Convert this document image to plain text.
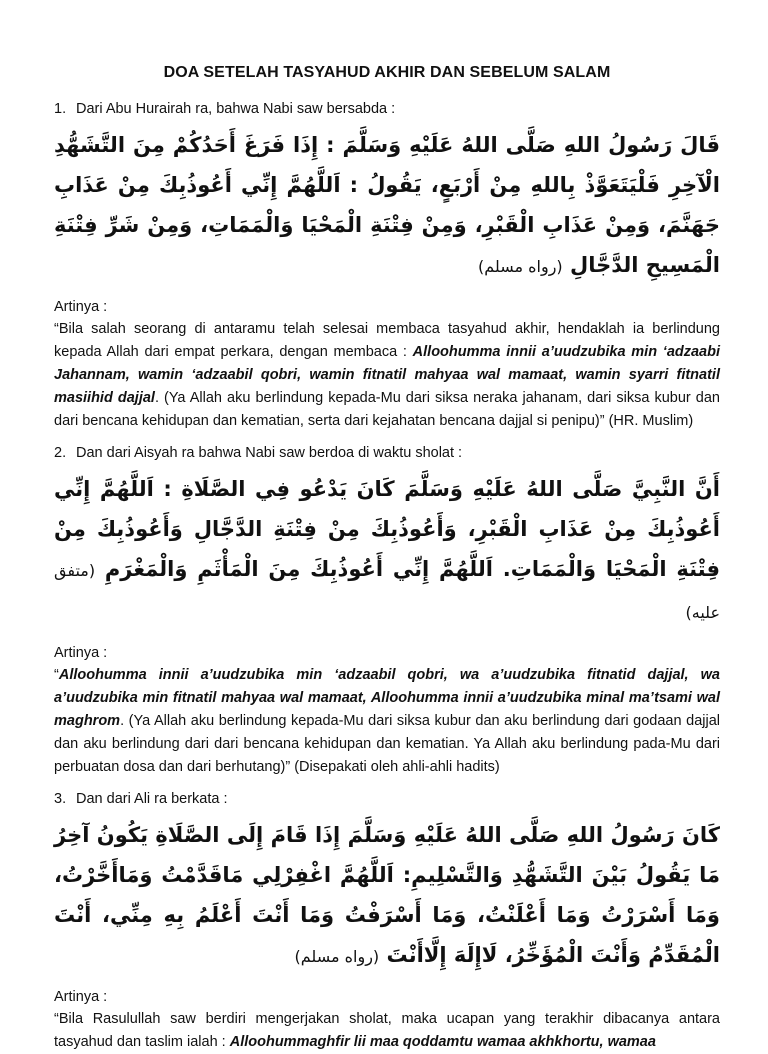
DOA SETELAH TASYAHUD AKHIR DAN SEBELUM SALAM

1. Dari Abu Hurairah ra, bahwa Nabi saw bersabda :

قَالَ رَسُولُ اللهِ صَلَّى اللهُ عَلَيْهِ وَسَلَّمَ : إِذَا فَرَغَ أَحَدُكُمْ مِنَ التَّشَهُّدِ الْآخِرِ فَلْيَتَعَوَّذْ بِاللهِ مِنْ أَرْبَعٍ، يَقُولُ : اَللَّهُمَّ إِنِّي أَعُوذُبِكَ مِنْ عَذَابِ جَهَنَّمَ، وَمِنْ عَذَابِ الْقَبْرِ، وَمِنْ فِتْنَةِ الْمَحْيَا وَالْمَمَاتِ، وَمِنْ شَرِّ فِتْنَةِ الْمَسِيحِ الدَّجَّالِ (رواه مسلم)

Artinya :

“Bila salah seorang di antaramu telah selesai membaca tasyahud akhir, hendaklah ia berlindung kepada Allah dari empat perkara, dengan membaca : Alloohumma innii a’uudzubika min ‘adzaabi Jahannam, wamin ‘adzaabil qobri, wamin fitnatil mahyaa wal mamaat, wamin syarri fitnatil masiihid dajjal. (Ya Allah aku berlindung kepada-Mu dari siksa neraka jahanam, dari siksa kubur dan dari bencana kehidupan dan kematian, serta dari kejahatan bencana dajjal si penipu)” (HR. Muslim)

2. Dan dari Aisyah ra bahwa Nabi saw berdoa di waktu sholat :

أَنَّ النَّبِيَّ صَلَّى اللهُ عَلَيْهِ وَسَلَّمَ كَانَ يَدْعُو فِي الصَّلَاةِ : اَللَّهُمَّ إِنِّي أَعُوذُبِكَ مِنْ عَذَابِ الْقَبْرِ، وَأَعُوذُبِكَ مِنْ فِتْنَةِ الدَّجَّالِ وَأَعُوذُبِكَ مِنْ فِتْنَةِ الْمَحْيَا وَالْمَمَاتِ. اَللَّهُمَّ إِنِّي أَعُوذُبِكَ مِنَ الْمَأْثَمِ وَالْمَغْرَمِ (متفق عليه)

Artinya :

“Alloohumma innii a’uudzubika min ‘adzaabil qobri, wa a’uudzubika fitnatid dajjal, wa a’uudzubika min fitnatil mahyaa wal mamaat, Alloohumma innii a’uudzubika minal ma’tsami wal maghrom. (Ya Allah aku berlindung kepada-Mu dari siksa kubur dan aku berlindung dari godaan dajjal dan aku berlindung dari dari bencana kehidupan dan kematian. Ya Allah aku berlindung pada-Mu dari perbuatan dosa dan dari berhutang)” (Disepakati oleh ahli-ahli hadits)

3. Dan dari Ali ra berkata :

كَانَ رَسُولُ اللهِ صَلَّى اللهُ عَلَيْهِ وَسَلَّمَ إِذَا قَامَ إِلَى الصَّلَاةِ يَكُونُ آخِرُ مَا يَقُولُ بَيْنَ التَّشَهُّدِ وَالتَّسْلِيمِ: اَللَّهُمَّ اغْفِرْلِي مَاقَدَّمْتُ وَمَاأَخَّرْتُ، وَمَا أَسْرَرْتُ وَمَا أَعْلَنْتُ، وَمَا أَسْرَفْتُ وَمَا أَنْتَ أَعْلَمُ بِهِ مِنِّي، أَنْتَ الْمُقَدِّمُ وَأَنْتَ الْمُؤَخِّرُ، لَاإِلَهَ إِلَّاأَنْتَ (رواه مسلم)

Artinya :

“Bila Rasulullah saw berdiri mengerjakan sholat, maka ucapan yang terakhir dibacanya antara tasyahud dan taslim ialah : Alloohummaghfir lii maa qoddamtu wamaa akhkhortu, wamaa
